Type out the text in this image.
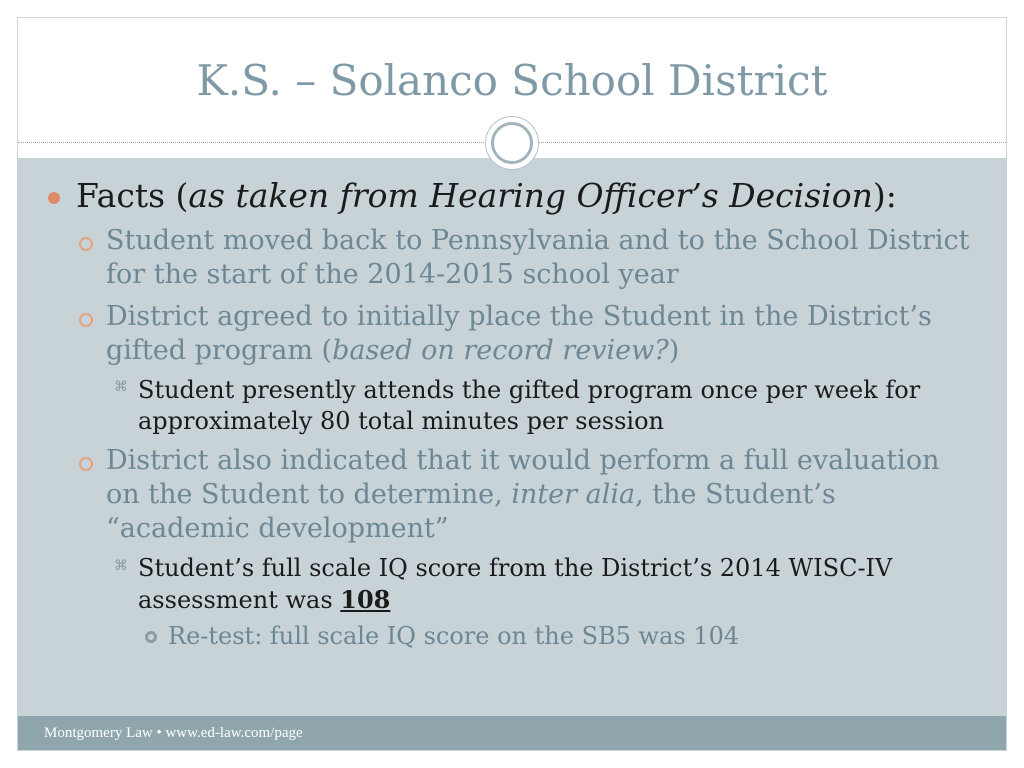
K.S. – Solanco School District
Facts (as taken from Hearing Officer’s Decision):
Student moved back to Pennsylvania and to the School District
for the start of the 2014-2015 school year
District agreed to initially place the Student in the District’s
gifted program (based on record review?)
⌘ Student presently attends the gifted program once per week for
approximately 80 total minutes per session
District also indicated that it would perform a full evaluation
on the Student to determine, inter alia, the Student’s
“academic development”
⌘ Student’s full scale IQ score from the District’s 2014 WISC-IV
assessment was 108
Re-test: full scale IQ score on the SB5 was 104
Montgomery Law • www.ed-law.com/page
